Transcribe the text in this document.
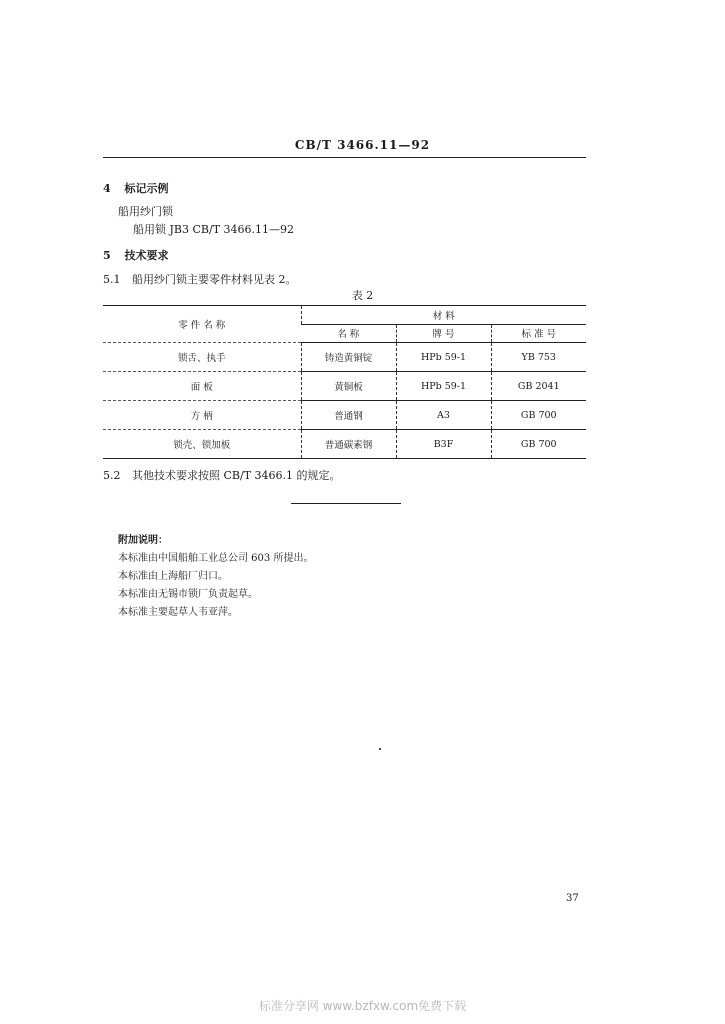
CB/T 3466.11—92
4 标记示例
船用纱门锁
船用锁 JB3 CB/T 3466.11—92
5 技术要求
5.1 船用纱门锁主要零件材料见表 2。
表 2
零 件 名 称	材 料		
	名 称	牌 号	标 准 号
锁舌、执手	铸造黄铜锭	HPb 59-1	YB 753
面 板	黄铜板	HPb 59-1	GB 2041
方 柄	普通钢	A3	GB 700
锁壳、锁加板	普通碳素钢	B3F	GB 700
5.2 其他技术要求按照 CB/T 3466.1 的规定。
附加说明：
本标准由中国船舶工业总公司 603 所提出。
本标准由上海船厂归口。
本标准由无锡市锁厂负责起草。
本标准主要起草人韦亚萍。
37
标准分享网 www.bzfxw.com免费下载
